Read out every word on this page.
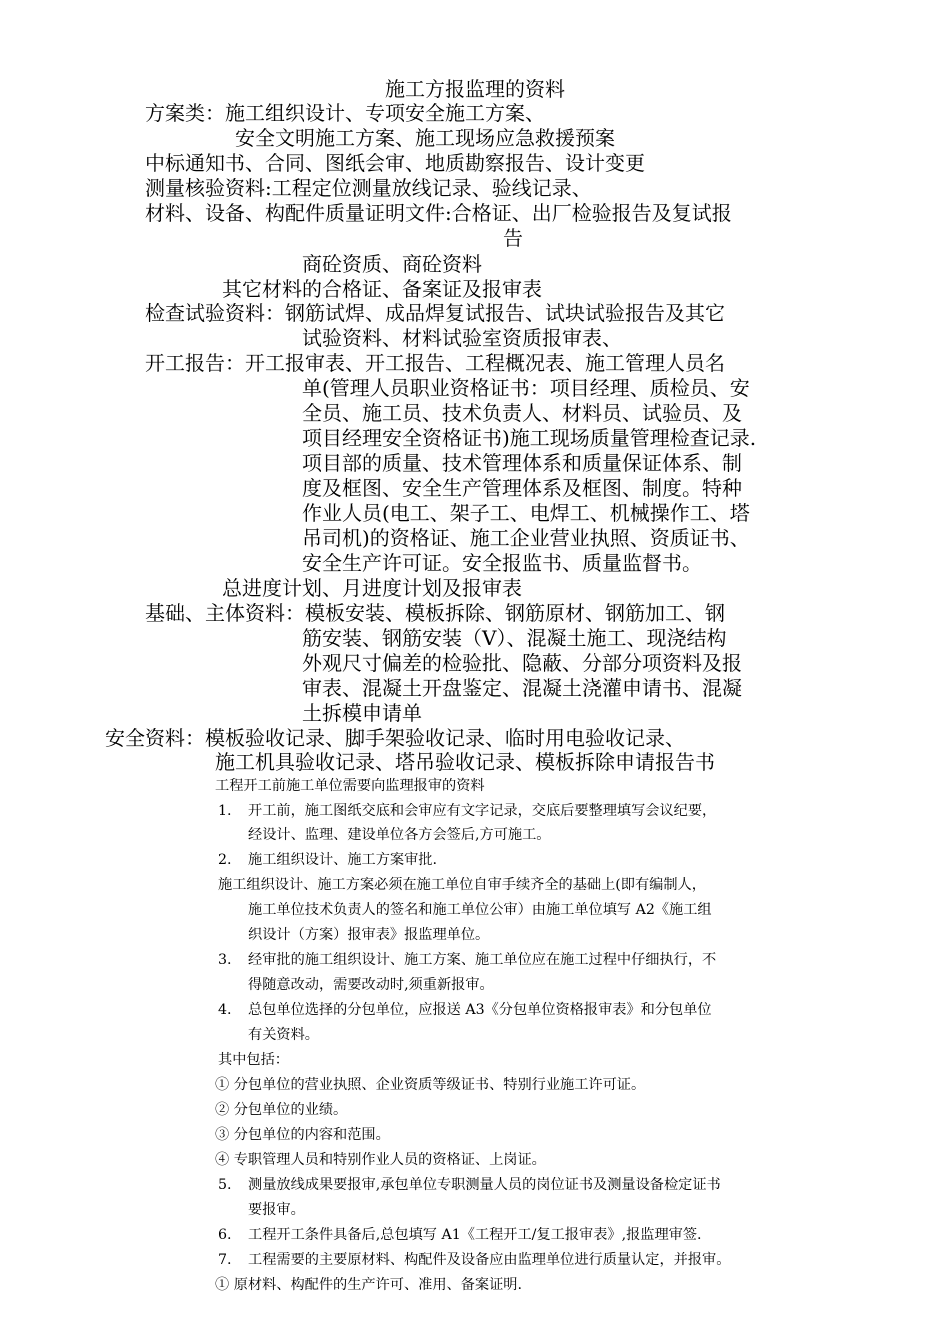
施工方报监理的资料
方案类：施工组织设计、专项安全施工方案、
安全文明施工方案、施工现场应急救援预案
中标通知书、合同、图纸会审、地质勘察报告、设计变更
测量核验资料:工程定位测量放线记录、验线记录、
材料、设备、构配件质量证明文件:合格证、出厂检验报告及复试报
告
商砼资质、商砼资料
其它材料的合格证、备案证及报审表
检查试验资料：钢筋试焊、成品焊复试报告、试块试验报告及其它
试验资料、材料试验室资质报审表、
开工报告：开工报审表、开工报告、工程概况表、施工管理人员名
单(管理人员职业资格证书：项目经理、质检员、安
全员、施工员、技术负责人、材料员、试验员、及
项目经理安全资格证书)施工现场质量管理检查记录.
项目部的质量、技术管理体系和质量保证体系、制
度及框图、安全生产管理体系及框图、制度。特种
作业人员(电工、架子工、电焊工、机械操作工、塔
吊司机)的资格证、施工企业营业执照、资质证书、
安全生产许可证。安全报监书、质量监督书。
总进度计划、月进度计划及报审表
基础、主体资料：模板安装、模板拆除、钢筋原材、钢筋加工、钢
筋安装、钢筋安装（V）、混凝土施工、现浇结构
外观尺寸偏差的检验批、隐蔽、分部分项资料及报
审表、混凝土开盘鉴定、混凝土浇灌申请书、混凝
土拆模申请单
安全资料：模板验收记录、脚手架验收记录、临时用电验收记录、
施工机具验收记录、塔吊验收记录、模板拆除申请报告书
工程开工前施工单位需要向监理报审的资料
1. 开工前，施工图纸交底和会审应有文字记录，交底后要整理填写会议纪要，
经设计、监理、建设单位各方会签后,方可施工。
2. 施工组织设计、施工方案审批.
施工组织设计、施工方案必须在施工单位自审手续齐全的基础上(即有编制人，
施工单位技术负责人的签名和施工单位公审）由施工单位填写 A2《施工组
织设计（方案）报审表》报监理单位。
3. 经审批的施工组织设计、施工方案、施工单位应在施工过程中仔细执行，不
得随意改动，需要改动时,须重新报审。
4. 总包单位选择的分包单位，应报送 A3《分包单位资格报审表》和分包单位
有关资料。
其中包括：
① 分包单位的营业执照、企业资质等级证书、特别行业施工许可证。
② 分包单位的业绩。
③ 分包单位的内容和范围。
④ 专职管理人员和特别作业人员的资格证、上岗证。
5. 测量放线成果要报审,承包单位专职测量人员的岗位证书及测量设备检定证书
要报审。
6. 工程开工条件具备后,总包填写 A1《工程开工/复工报审表》,报监理审签.
7. 工程需要的主要原材料、构配件及设备应由监理单位进行质量认定，并报审。
① 原材料、构配件的生产许可、准用、备案证明.
